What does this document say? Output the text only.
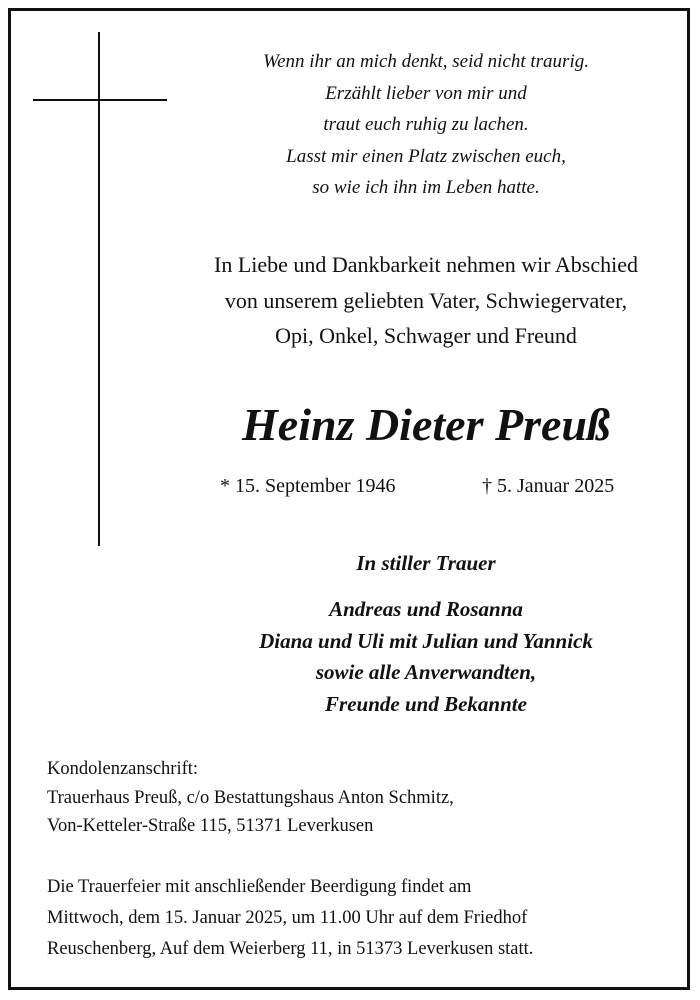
Wenn ihr an mich denkt, seid nicht traurig.
Erzählt lieber von mir und
traut euch ruhig zu lachen.
Lasst mir einen Platz zwischen euch,
so wie ich ihn im Leben hatte.
In Liebe und Dankbarkeit nehmen wir Abschied
von unserem geliebten Vater, Schwiegervater,
Opi, Onkel, Schwager und Freund
Heinz Dieter Preuß
* 15. September 1946	† 5. Januar 2025
In stiller Trauer
Andreas und Rosanna
Diana und Uli mit Julian und Yannick
sowie alle Anverwandten,
Freunde und Bekannte
Kondolenzanschrift:
Trauerhaus Preuß, c/o Bestattungshaus Anton Schmitz,
Von-Ketteler-Straße 115, 51371 Leverkusen
Die Trauerfeier mit anschließender Beerdigung findet am
Mittwoch, dem 15. Januar 2025, um 11.00 Uhr auf dem Friedhof
Reuschenberg, Auf dem Weierberg 11, in 51373 Leverkusen statt.
